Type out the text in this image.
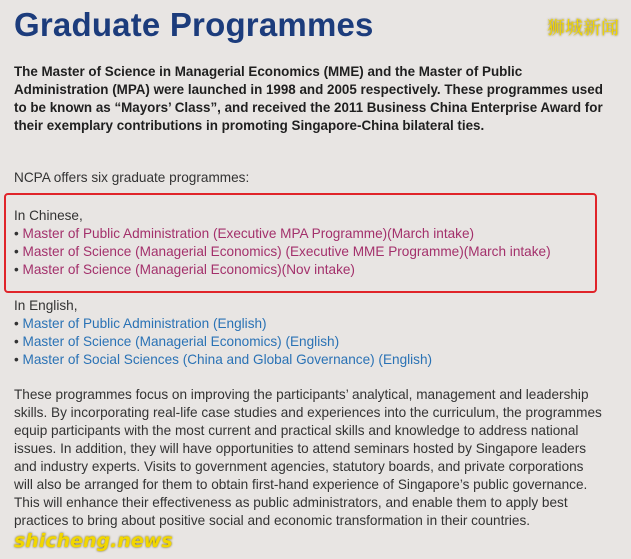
Graduate Programmes

The Master of Science in Managerial Economics (MME) and the Master of Public Administration (MPA) were launched in 1998 and 2005 respectively. These programmes used to be known as “Mayors’ Class”, and received the 2011 Business China Enterprise Award for their exemplary contributions in promoting Singapore-China bilateral ties.

NCPA offers six graduate programmes:

In Chinese,

• Master of Public Administration (Executive MPA Programme)(March intake)

• Master of Science (Managerial Economics) (Executive MME Programme)(March intake)

• Master of Science (Managerial Economics)(Nov intake)

In English,

• Master of Public Administration (English)

• Master of Science (Managerial Economics) (English)

• Master of Social Sciences (China and Global Governance) (English)

These programmes focus on improving the participants’ analytical, management and leadership skills. By incorporating real-life case studies and experiences into the curriculum, the programmes equip participants with the most current and practical skills and knowledge to address national issues. In addition, they will have opportunities to attend seminars hosted by Singapore leaders and industry experts. Visits to government agencies, statutory boards, and private corporations will also be arranged for them to obtain first-hand experience of Singapore’s public governance. This will enhance their effectiveness as public administrators, and enable them to apply best practices to bring about positive social and economic transformation in their countries.

狮城新闻
shicheng.news
